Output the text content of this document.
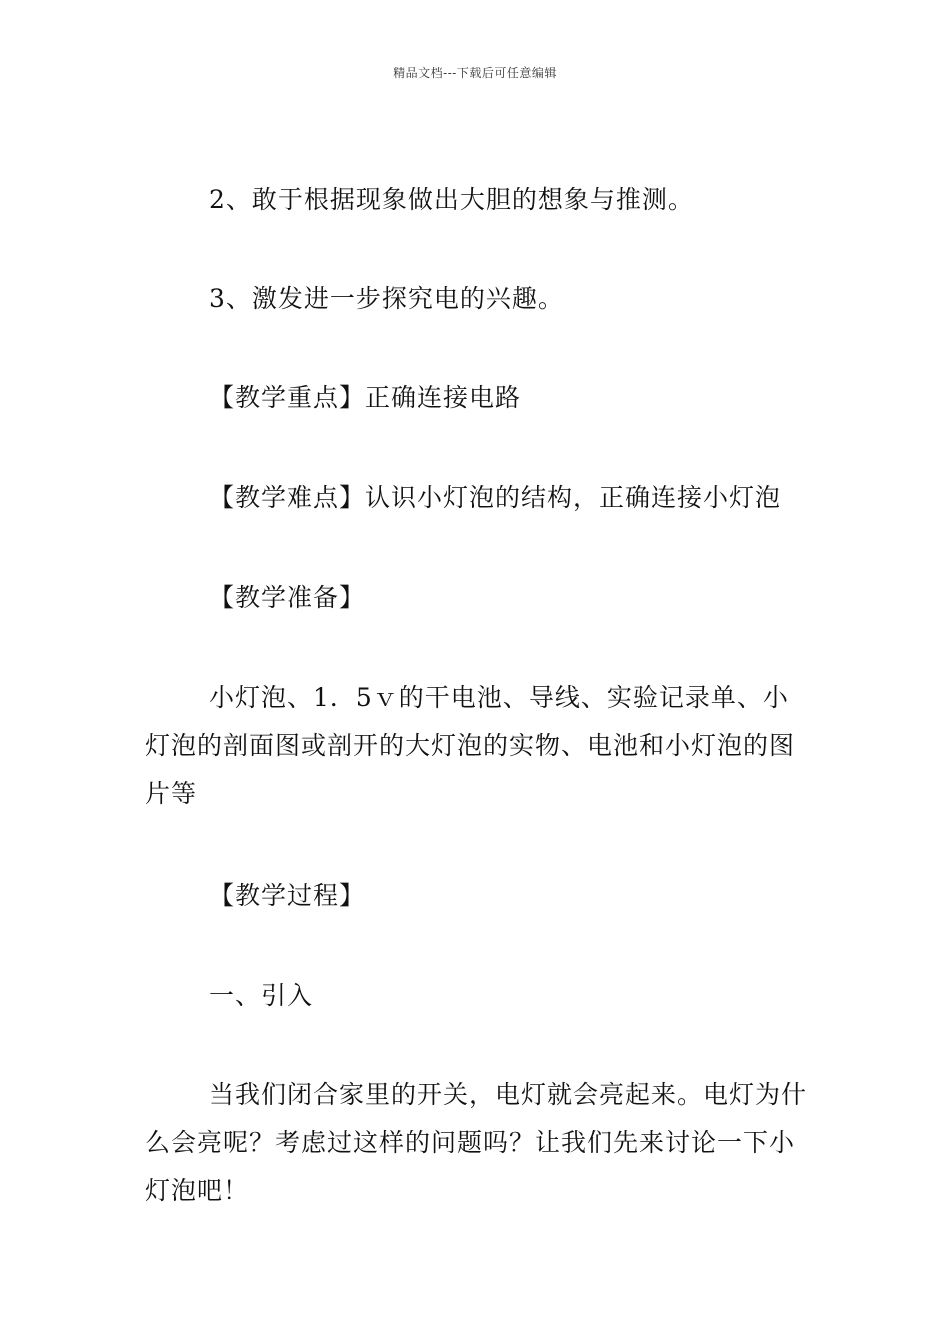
精品文档---下载后可任意编辑

2、敢于根据现象做出大胆的想象与推测。

3、激发进一步探究电的兴趣。

【教学重点】正确连接电路

【教学难点】认识小灯泡的结构，正确连接小灯泡

【教学准备】

小灯泡、1．5ｖ的干电池、导线、实验记录单、小灯泡的剖面图或剖开的大灯泡的实物、电池和小灯泡的图片等

【教学过程】

一、引入

当我们闭合家里的开关，电灯就会亮起来。电灯为什么会亮呢？考虑过这样的问题吗？让我们先来讨论一下小灯泡吧！
